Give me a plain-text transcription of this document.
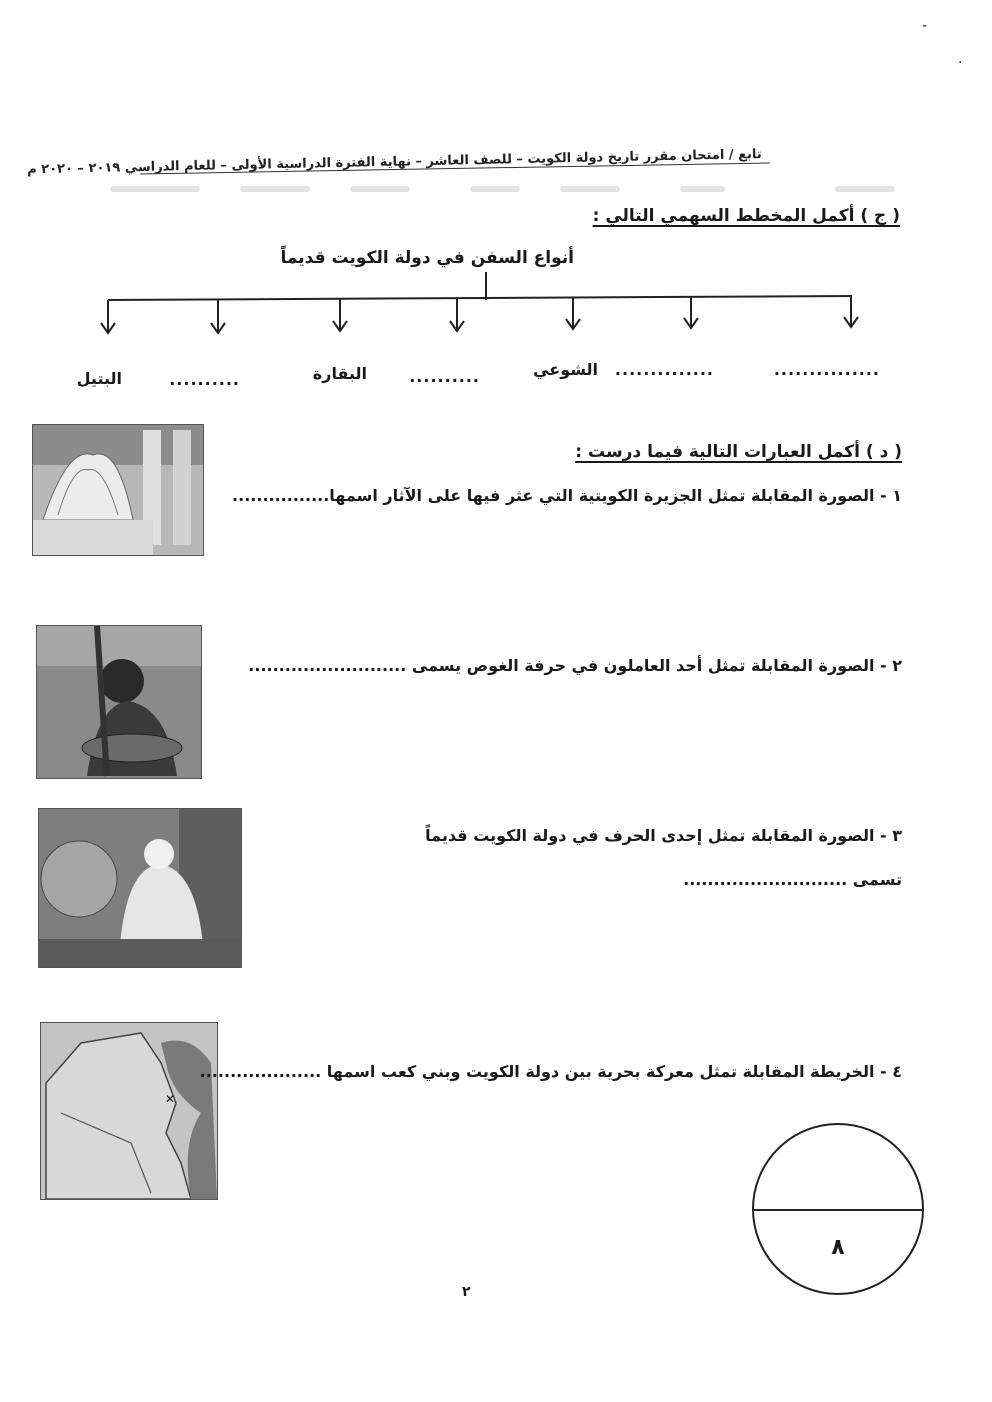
-
·
تابع / امتحان مقرر تاريخ دولة الكويت – للصف العاشر – نهاية الفترة الدراسية الأولى – للعام الدراسي ٢٠١٩ – ٢٠٢٠ م
( ج ) أكمل المخطط السهمي التالي :
أنواع السفن في دولة الكويت قديماً
...............
..............
الشوعي
..........
البقارة
..........
البتيل
( د ) أكمل العبارات التالية فيما درست :
١ - الصورة المقابلة تمثل الجزيرة الكويتية التي عثر فيها على الآثار اسمها................
٢ - الصورة المقابلة تمثل أحد العاملون في حرفة الغوص يسمى ..........................
٣ - الصورة المقابلة تمثل إحدى الحرف في دولة الكويت قديماً
تسمى ...........................
✕
٤ - الخريطة المقابلة تمثل معركة بحرية بين دولة الكويت وبني كعب اسمها ....................
٨
٢
